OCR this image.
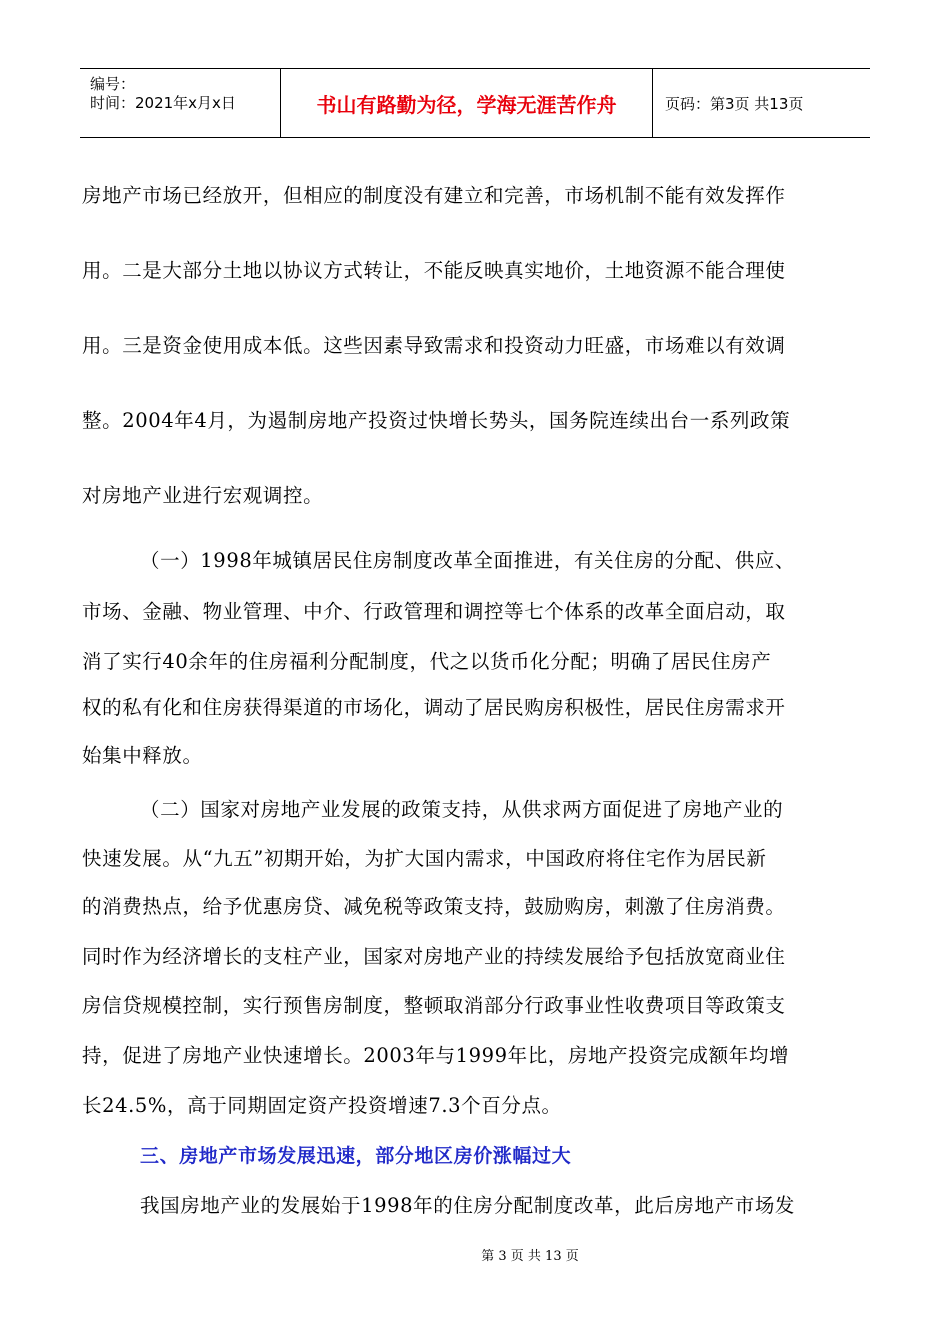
编号：
时间：2021年x月x日	书山有路勤为径，学海无涯苦作舟	页码：第3页 共13页
房地产市场已经放开，但相应的制度没有建立和完善，市场机制不能有效发挥作
用。二是大部分土地以协议方式转让，不能反映真实地价，土地资源不能合理使
用。三是资金使用成本低。这些因素导致需求和投资动力旺盛，市场难以有效调
整。2004年4月，为遏制房地产投资过快增长势头，国务院连续出台一系列政策
对房地产业进行宏观调控。
（一）1998年城镇居民住房制度改革全面推进，有关住房的分配、供应、
市场、金融、物业管理、中介、行政管理和调控等七个体系的改革全面启动，取
消了实行40余年的住房福利分配制度，代之以货币化分配；明确了居民住房产
权的私有化和住房获得渠道的市场化，调动了居民购房积极性，居民住房需求开
始集中释放。
（二）国家对房地产业发展的政策支持，从供求两方面促进了房地产业的
快速发展。从“九五”初期开始，为扩大国内需求，中国政府将住宅作为居民新
的消费热点，给予优惠房贷、减免税等政策支持，鼓励购房，刺激了住房消费。
同时作为经济增长的支柱产业，国家对房地产业的持续发展给予包括放宽商业住
房信贷规模控制，实行预售房制度，整顿取消部分行政事业性收费项目等政策支
持，促进了房地产业快速增长。2003年与1999年比，房地产投资完成额年均增
长24.5%，高于同期固定资产投资增速7.3个百分点。
三、房地产市场发展迅速，部分地区房价涨幅过大
我国房地产业的发展始于1998年的住房分配制度改革，此后房地产市场发
第 3 页 共 13 页
